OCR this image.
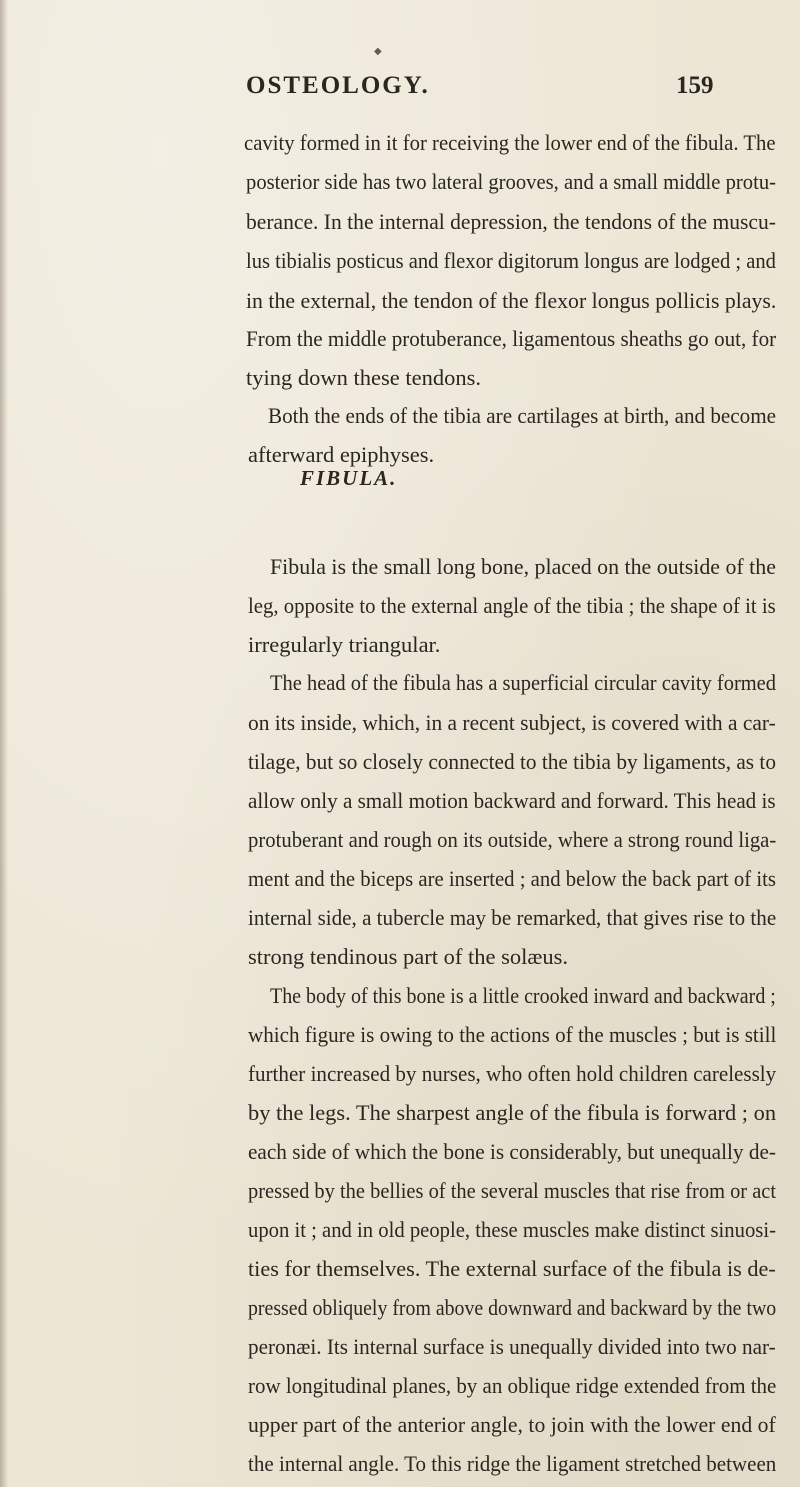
◆
OSTEOLOGY.	159
cavity formed in it for receiving the lower end of the fibula. The
posterior side has two lateral grooves, and a small middle protu-
berance. In the internal depression, the tendons of the muscu-
lus tibialis posticus and flexor digitorum longus are lodged ; and
in the external, the tendon of the flexor longus pollicis plays.
From the middle protuberance, ligamentous sheaths go out, for
tying down these tendons.
Both the ends of the tibia are cartilages at birth, and become
afterward epiphyses.
FIBULA.
Fibula is the small long bone, placed on the outside of the
leg, opposite to the external angle of the tibia ; the shape of it is
irregularly triangular.
The head of the fibula has a superficial circular cavity formed
on its inside, which, in a recent subject, is covered with a car-
tilage, but so closely connected to the tibia by ligaments, as to
allow only a small motion backward and forward. This head is
protuberant and rough on its outside, where a strong round liga-
ment and the biceps are inserted ; and below the back part of its
internal side, a tubercle may be remarked, that gives rise to the
strong tendinous part of the solæus.
The body of this bone is a little crooked inward and backward ;
which figure is owing to the actions of the muscles ; but is still
further increased by nurses, who often hold children carelessly
by the legs. The sharpest angle of the fibula is forward ; on
each side of which the bone is considerably, but unequally de-
pressed by the bellies of the several muscles that rise from or act
upon it ; and in old people, these muscles make distinct sinuosi-
ties for themselves. The external surface of the fibula is de-
pressed obliquely from above downward and backward by the two
peronæi. Its internal surface is unequally divided into two nar-
row longitudinal planes, by an oblique ridge extended from the
upper part of the anterior angle, to join with the lower end of
the internal angle. To this ridge the ligament stretched between
